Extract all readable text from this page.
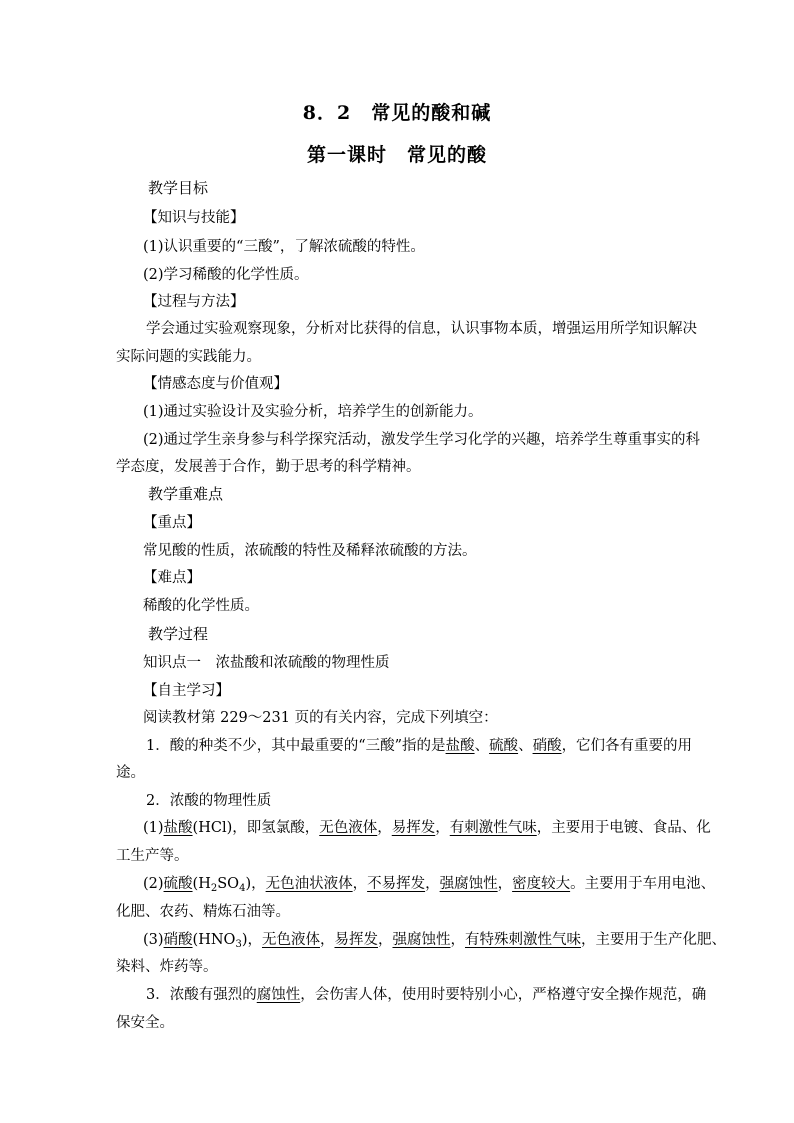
8．2　常见的酸和碱
第一课时　常见的酸
教学目标
【知识与技能】
(1)认识重要的“三酸”，了解浓硫酸的特性。
(2)学习稀酸的化学性质。
【过程与方法】
学会通过实验观察现象，分析对比获得的信息，认识事物本质，增强运用所学知识解决
实际问题的实践能力。
【情感态度与价值观】
(1)通过实验设计及实验分析，培养学生的创新能力。
(2)通过学生亲身参与科学探究活动，激发学生学习化学的兴趣，培养学生尊重事实的科
学态度，发展善于合作，勤于思考的科学精神。
教学重难点
【重点】
常见酸的性质，浓硫酸的特性及稀释浓硫酸的方法。
【难点】
稀酸的化学性质。
教学过程
知识点一　浓盐酸和浓硫酸的物理性质
【自主学习】
阅读教材第 229～231 页的有关内容，完成下列填空：
1．酸的种类不少，其中最重要的“三酸”指的是盐酸、硫酸、硝酸，它们各有重要的用
途。
2．浓酸的物理性质
(1)盐酸(HCl)，即氢氯酸，无色液体，易挥发，有刺激性气味，主要用于电镀、食品、化
工生产等。
(2)硫酸$(H_2SO_4)$，无色油状液体，不易挥发，强腐蚀性，密度较大。主要用于车用电池、
化肥、农药、精炼石油等。
(3)硝酸$(HNO_3)$，无色液体，易挥发，强腐蚀性，有特殊刺激性气味，主要用于生产化肥、
染料、炸药等。
3．浓酸有强烈的腐蚀性，会伤害人体，使用时要特别小心，严格遵守安全操作规范，确
保安全。
